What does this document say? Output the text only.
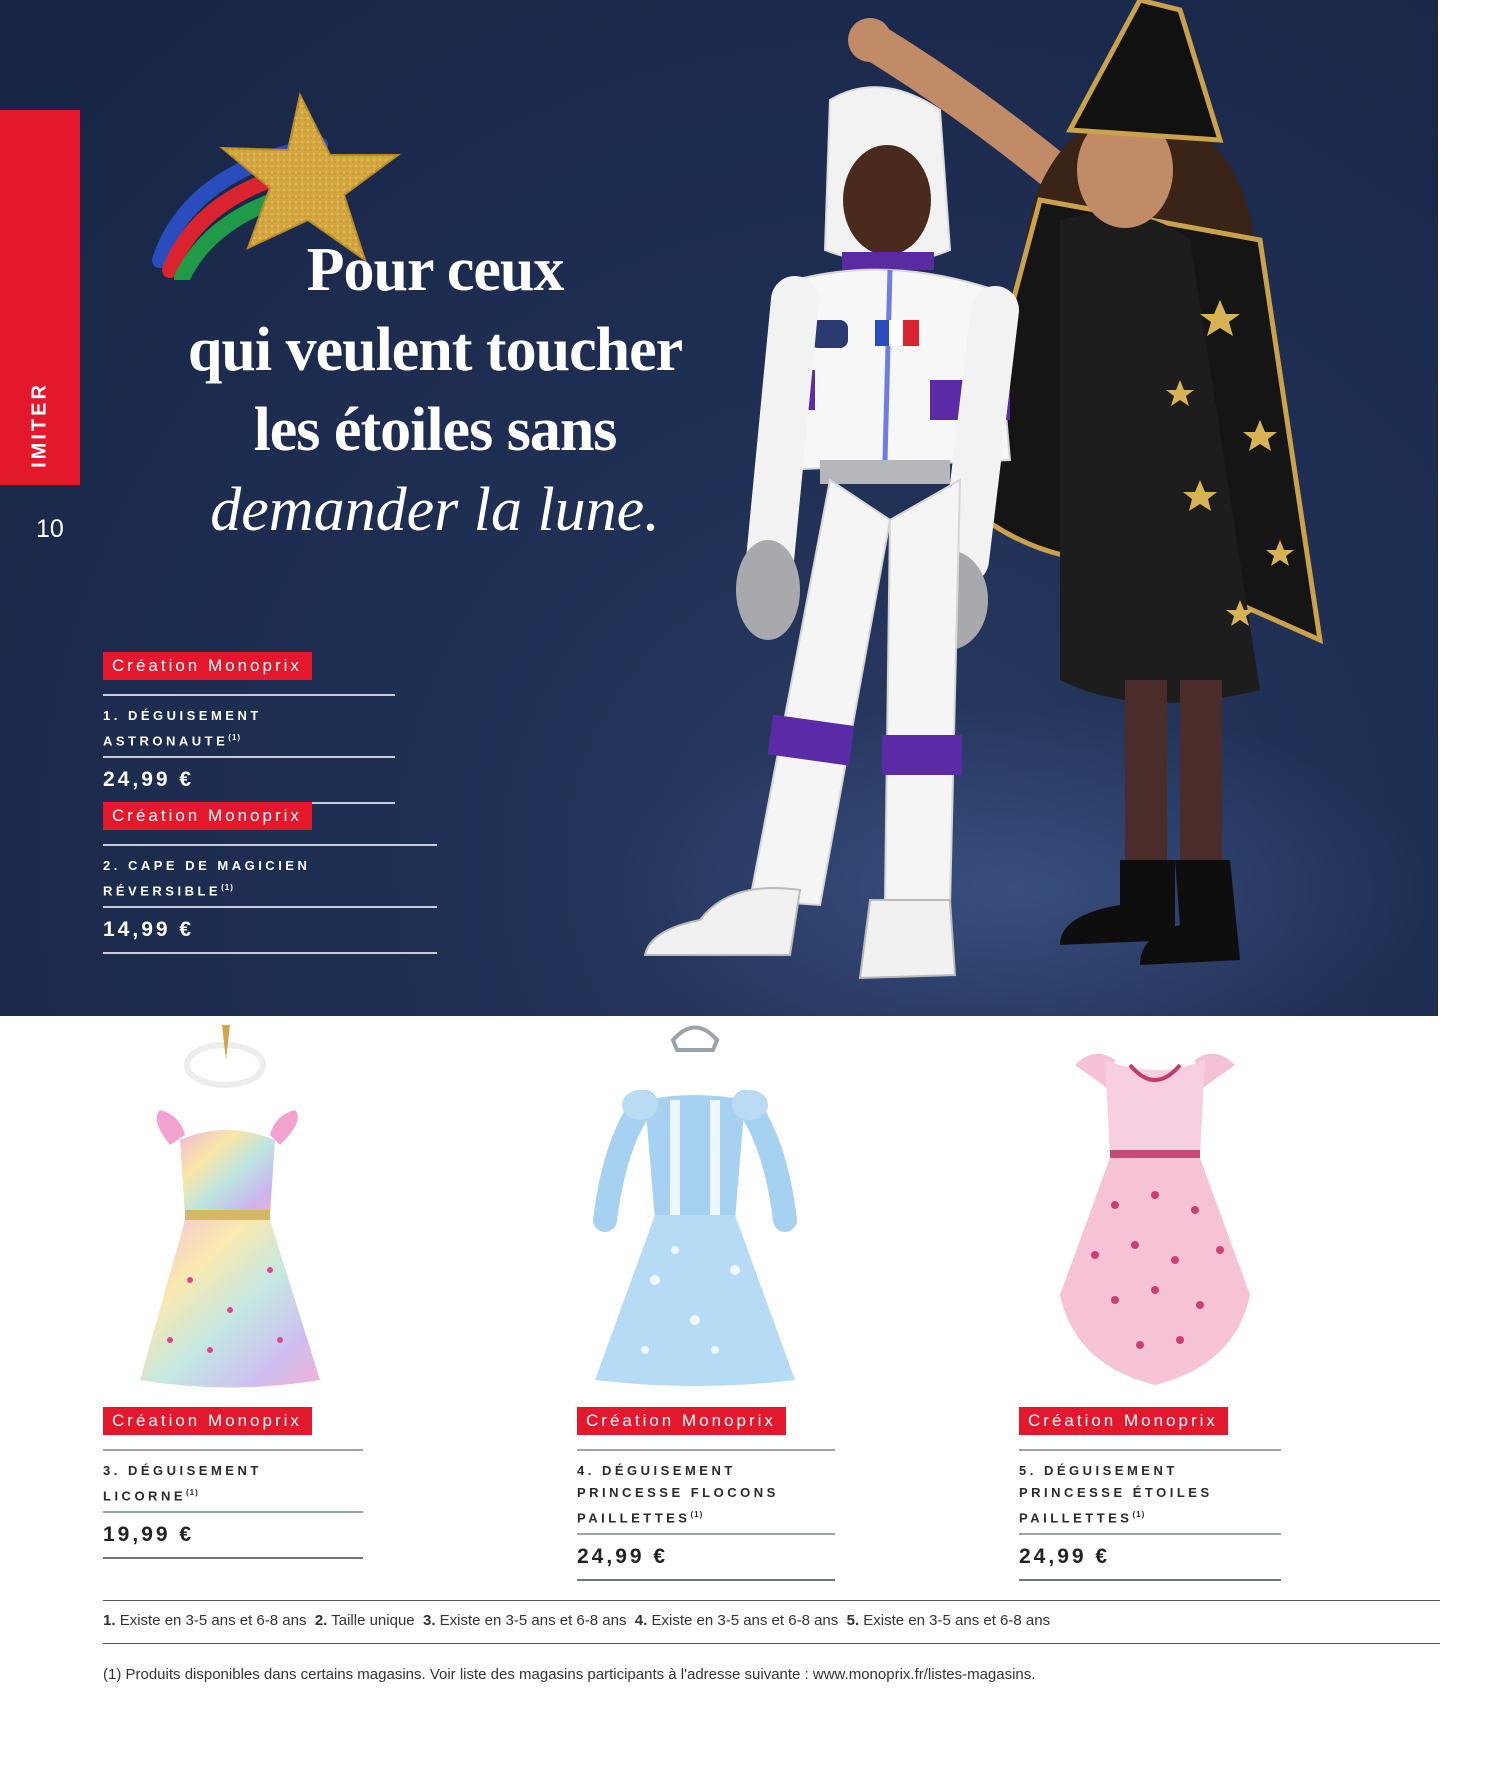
IMITER
10
Pour ceux
qui veulent toucher
les étoiles sans
demander la lune.
Création Monoprix
1. DÉGUISEMENT ASTRONAUTE$^{(1)}$
24,99 €
Création Monoprix
2. CAPE DE MAGICIEN RÉVERSIBLE$^{(1)}$
14,99 €
Création Monoprix
3. DÉGUISEMENT LICORNE$^{(1)}$
19,99 €
Création Monoprix
4. DÉGUISEMENT PRINCESSE FLOCONS PAILLETTES$^{(1)}$
24,99 €
Création Monoprix
5. DÉGUISEMENT PRINCESSE ÉTOILES PAILLETTES$^{(1)}$
24,99 €
1. Existe en 3-5 ans et 6-8 ans 2. Taille unique 3. Existe en 3-5 ans et 6-8 ans 4. Existe en 3-5 ans et 6-8 ans 5. Existe en 3-5 ans et 6-8 ans
(1) Produits disponibles dans certains magasins. Voir liste des magasins participants à l'adresse suivante : www.monoprix.fr/listes-magasins.
